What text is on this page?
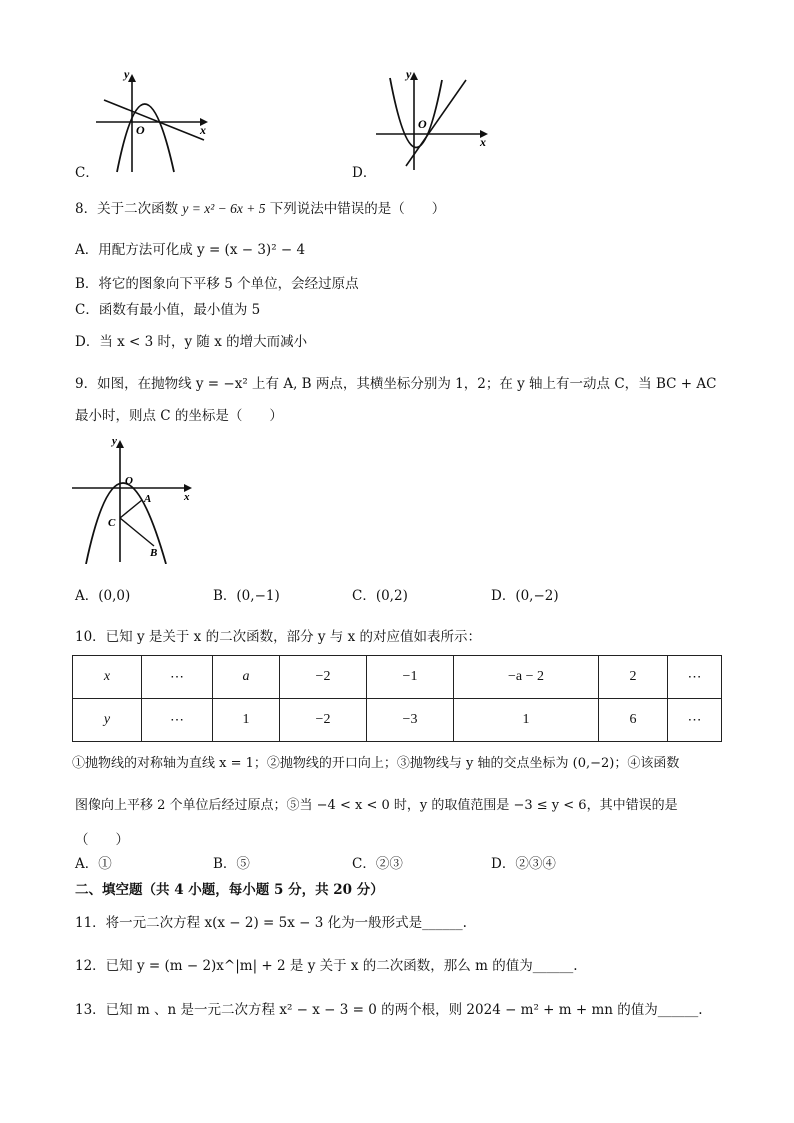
y
x
O
C．
y
x
O
D．
8．关于二次函数 y = x² − 6x + 5 下列说法中错误的是（　　）
A．用配方法可化成 y = (x − 3)² − 4
B．将它的图象向下平移 5 个单位，会经过原点
C．函数有最小值，最小值为 5
D．当 x < 3 时，y 随 x 的增大而减小
9．如图，在抛物线 y = −x² 上有 A, B 两点，其横坐标分别为 1，2；在 y 轴上有一动点 C，当 BC + AC
最小时，则点 C 的坐标是（　　）
y
x
O
A
C
B
A．(0,0)	B．(0,−1)	C．(0,2)	D．(0,−2)
10．已知 y 是关于 x 的二次函数，部分 y 与 x 的对应值如表所示：
x	⋯	a	−2	−1	−a − 2	2	⋯
y	⋯	1	−2	−3	1	6	⋯
①抛物线的对称轴为直线 x = 1；②抛物线的开口向上；③抛物线与 y 轴的交点坐标为 (0,−2)；④该函数
图像向上平移 2 个单位后经过原点；⑤当 −4 < x < 0 时，y 的取值范围是 −3 ≤ y < 6，其中错误的是
（　　）
A．①	B．⑤	C．②③	D．②③④
二、填空题（共 4 小题，每小题 5 分，共 20 分）
11．将一元二次方程 x(x − 2) = 5x − 3 化为一般形式是______.
12．已知 y = (m − 2)x^|m| + 2 是 y 关于 x 的二次函数，那么 m 的值为______.
13．已知 m 、n 是一元二次方程 x² − x − 3 = 0 的两个根，则 2024 − m² + m + mn 的值为______.
